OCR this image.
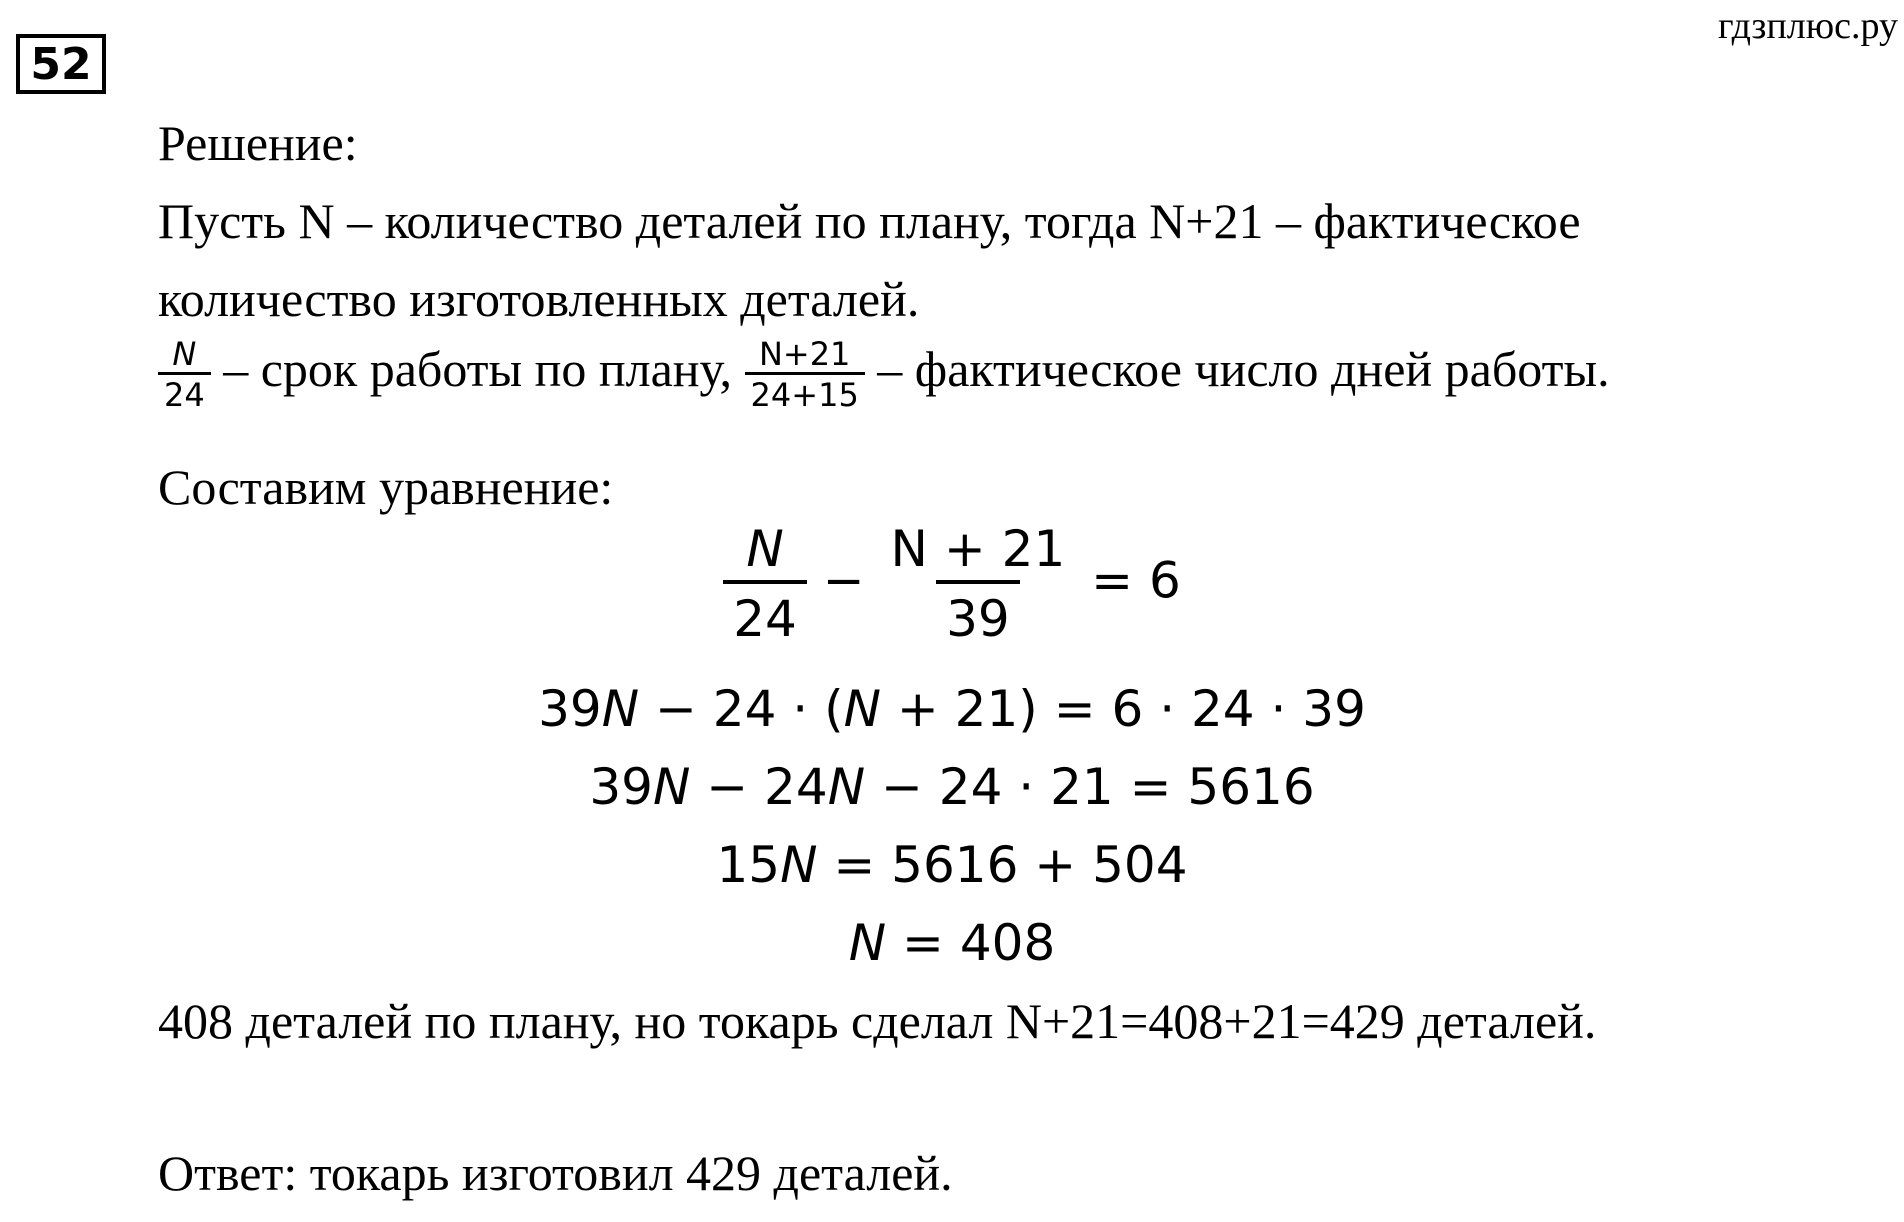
52
гдзплюс.ру
Решение:
Пусть N – количество деталей по плану, тогда N+21 – фактическое
количество изготовленных деталей.
$\frac{N}{24}$ – срок работы по плану, $\frac{N+21}{24+15}$ – фактическое число дней работы.
Составим уравнение:
$\frac{N}{24} - \frac{N + 21}{39} = 6$
39N − 24 · (N + 21) = 6 · 24 · 39
39N − 24N − 24 · 21 = 5616
15N = 5616 + 504
N = 408
408 деталей по плану, но токарь сделал N+21=408+21=429 деталей.
Ответ: токарь изготовил 429 деталей.
